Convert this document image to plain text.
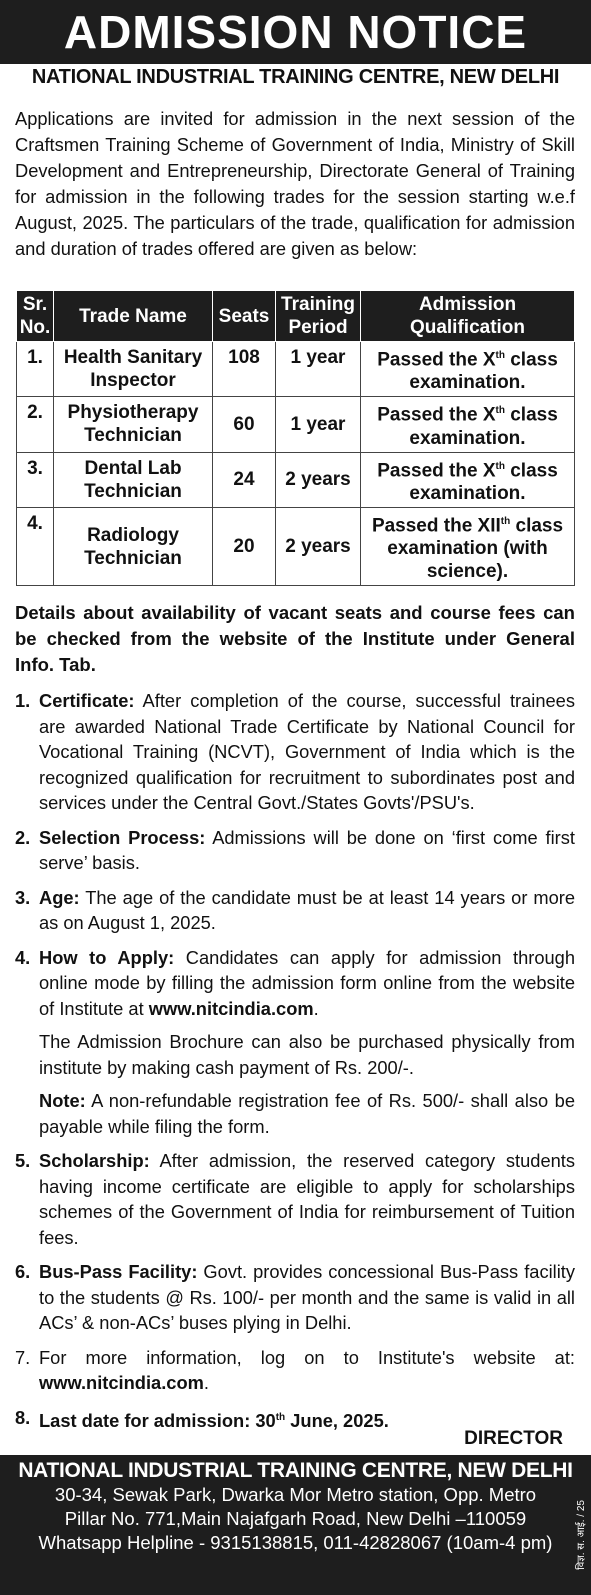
ADMISSION NOTICE
NATIONAL INDUSTRIAL TRAINING CENTRE, NEW DELHI

Applications are invited for admission in the next session of the Craftsmen Training Scheme of Government of India, Ministry of Skill Development and Entrepreneurship, Directorate General of Training for admission in the following trades for the session starting w.e.f August, 2025. The particulars of the trade, qualification for admission and duration of trades offered are given as below:

Sr. No.	Trade Name	Seats	Training Period	Admission Qualification
1.	Health Sanitary Inspector	108	1 year	Passed the Xth class examination.
2.	Physiotherapy Technician	60	1 year	Passed the Xth class examination.
3.	Dental Lab Technician	24	2 years	Passed the Xth class examination.
4.	Radiology Technician	20	2 years	Passed the XIIth class examination (with science).
Details about availability of vacant seats and course fees can be checked from the website of the Institute under General Info. Tab.
1. Certificate: After completion of the course, successful trainees are awarded National Trade Certificate by National Council for Vocational Training (NCVT), Government of India which is the recognized qualification for recruitment to subordinates post and services under the Central Govt./States Govts'/PSU's.
2. Selection Process: Admissions will be done on ‘first come first serve’ basis.
3. Age: The age of the candidate must be at least 14 years or more as on August 1, 2025.
4. How to Apply: Candidates can apply for admission through online mode by filling the admission form online from the website of Institute at www.nitcindia.com.
The Admission Brochure can also be purchased physically from institute by making cash payment of Rs. 200/-.
Note: A non-refundable registration fee of Rs. 500/- shall also be payable while filing the form.
5. Scholarship: After admission, the reserved category students having income certificate are eligible to apply for scholarships schemes of the Government of India for reimbursement of Tuition fees.
6. Bus-Pass Facility: Govt. provides concessional Bus-Pass facility to the students @ Rs. 100/- per month and the same is valid in all ACs’ & non-ACs’ buses plying in Delhi.
7. For more information, log on to Institute's website at: www.nitcindia.com.
8. Last date for admission: 30th June, 2025.
DIRECTOR
NATIONAL INDUSTRIAL TRAINING CENTRE, NEW DELHI
30-34, Sewak Park, Dwarka Mor Metro station, Opp. Metro
Pillar No. 771,Main Najafgarh Road, New Delhi –110059
Whatsapp Helpline - 9315138815, 011-42828067 (10am-4 pm)	विज्ञ. स. आई. / 25
